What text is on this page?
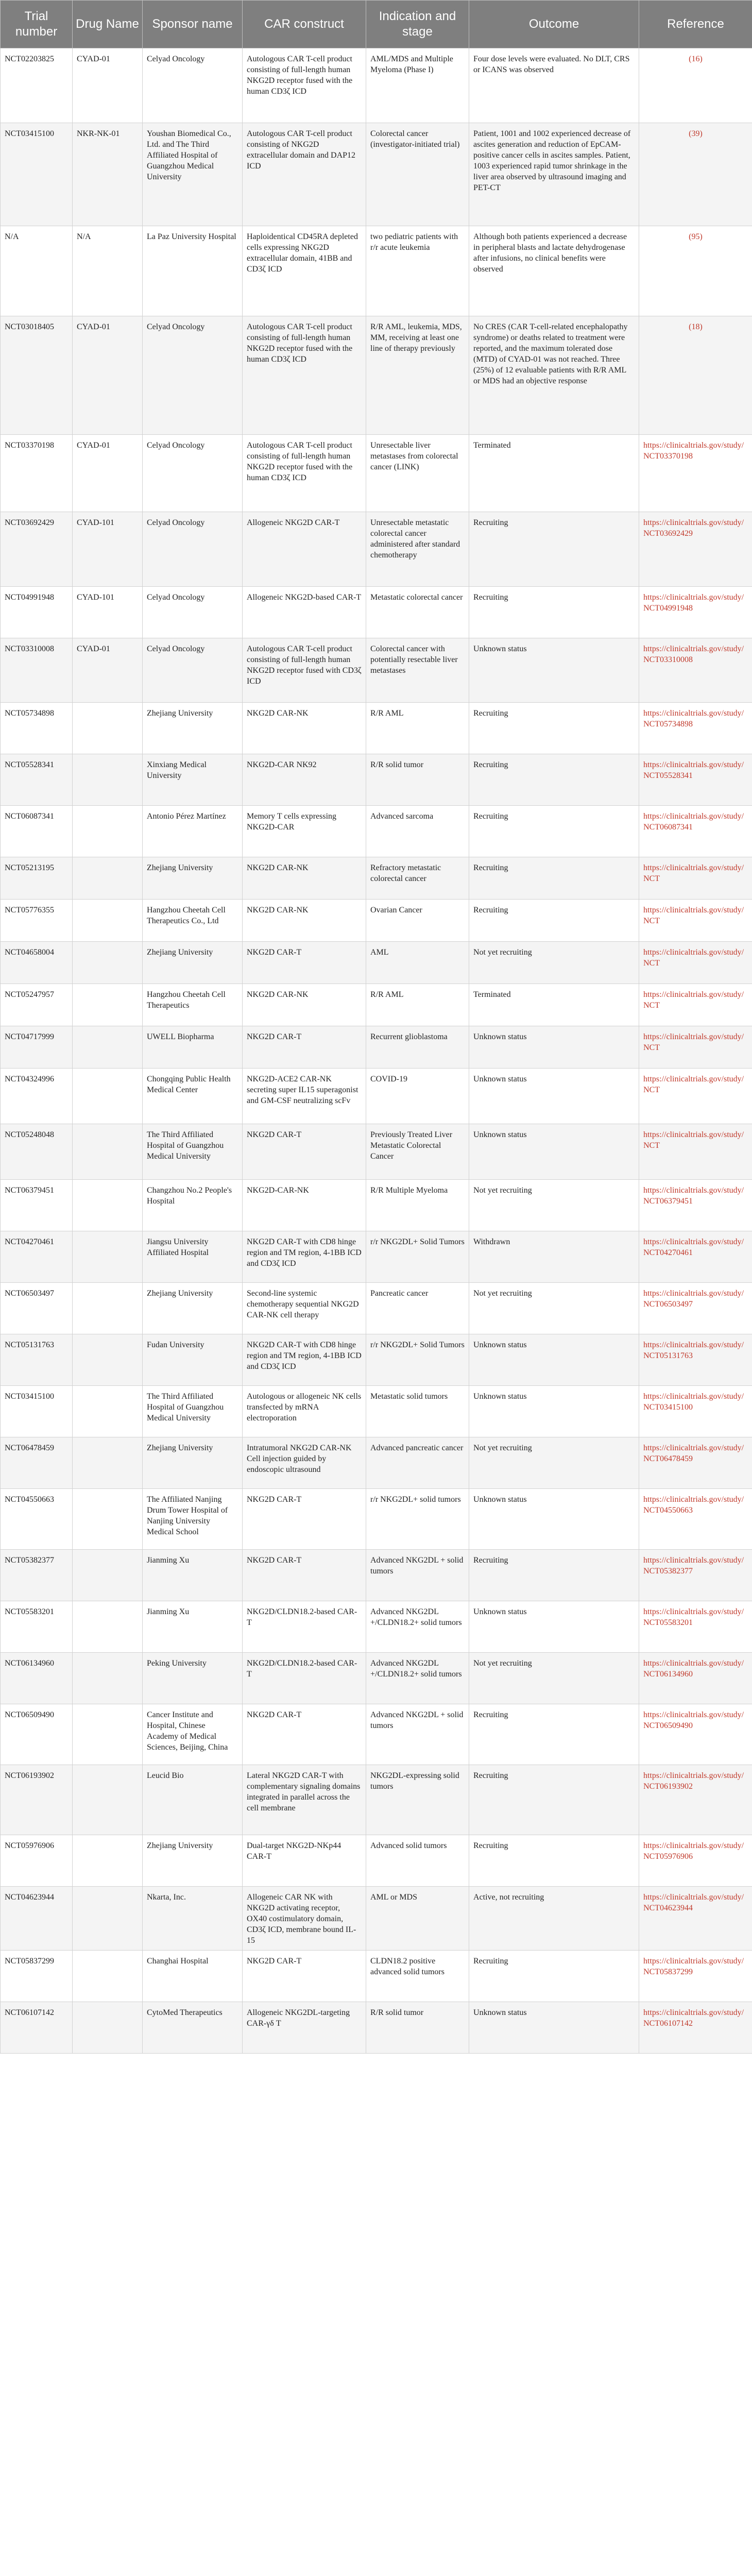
Trial number	Drug Name	Sponsor name	CAR construct	Indication and stage	Outcome	Reference
NCT02203825	CYAD-01	Celyad Oncology	Autologous CAR T-cell product consisting of full-length human NKG2D receptor fused with the human CD3ζ ICD	AML/MDS and Multiple Myeloma (Phase I)	Four dose levels were evaluated. No DLT, CRS or ICANS was observed	(16)
NCT03415100	NKR-NK-01	Youshan Biomedical Co., Ltd. and The Third Affiliated Hospital of Guangzhou Medical University	Autologous CAR T-cell product consisting of NKG2D extracellular domain and DAP12 ICD	Colorectal cancer (investigator-initiated trial)	Patient, 1001 and 1002 experienced decrease of ascites generation and reduction of EpCAM-positive cancer cells in ascites samples. Patient, 1003 experienced rapid tumor shrinkage in the liver area observed by ultrasound imaging and PET-CT	(39)
N/A	N/A	La Paz University Hospital	Haploidentical CD45RA depleted cells expressing NKG2D extracellular domain, 41BB and CD3ζ ICD	two pediatric patients with r/r acute leukemia	Although both patients experienced a decrease in peripheral blasts and lactate dehydrogenase after infusions, no clinical benefits were observed	(95)
NCT03018405	CYAD-01	Celyad Oncology	Autologous CAR T-cell product consisting of full-length human NKG2D receptor fused with the human CD3ζ ICD	R/R AML, leukemia, MDS, MM, receiving at least one line of therapy previously	No CRES (CAR T-cell-related encephalopathy syndrome) or deaths related to treatment were reported, and the maximum tolerated dose (MTD) of CYAD-01 was not reached. Three (25%) of 12 evaluable patients with R/R AML or MDS had an objective response	(18)
NCT03370198	CYAD-01	Celyad Oncology	Autologous CAR T-cell product consisting of full-length human NKG2D receptor fused with the human CD3ζ ICD	Unresectable liver metastases from colorectal cancer (LINK)	Terminated	https://clinicaltrials.gov/study/NCT03370198
NCT03692429	CYAD-101	Celyad Oncology	Allogeneic NKG2D CAR-T	Unresectable metastatic colorectal cancer administered after standard chemotherapy	Recruiting	https://clinicaltrials.gov/study/NCT03692429
NCT04991948	CYAD-101	Celyad Oncology	Allogeneic NKG2D-based CAR-T	Metastatic colorectal cancer	Recruiting	https://clinicaltrials.gov/study/NCT04991948
NCT03310008	CYAD-01	Celyad Oncology	Autologous CAR T-cell product consisting of full-length human NKG2D receptor fused with CD3ζ ICD	Colorectal cancer with potentially resectable liver metastases	Unknown status	https://clinicaltrials.gov/study/NCT03310008
NCT05734898		Zhejiang University	NKG2D CAR-NK	R/R AML	Recruiting	https://clinicaltrials.gov/study/NCT05734898
NCT05528341		Xinxiang Medical University	NKG2D-CAR NK92	R/R solid tumor	Recruiting	https://clinicaltrials.gov/study/NCT05528341
NCT06087341		Antonio Pérez Martínez	Memory T cells expressing NKG2D-CAR	Advanced sarcoma	Recruiting	https://clinicaltrials.gov/study/NCT06087341
NCT05213195		Zhejiang University	NKG2D CAR-NK	Refractory metastatic colorectal cancer	Recruiting	https://clinicaltrials.gov/study/NCT
NCT05776355		Hangzhou Cheetah Cell Therapeutics Co., Ltd	NKG2D CAR-NK	Ovarian Cancer	Recruiting	https://clinicaltrials.gov/study/NCT
NCT04658004		Zhejiang University	NKG2D CAR-T	AML	Not yet recruiting	https://clinicaltrials.gov/study/NCT
NCT05247957		Hangzhou Cheetah Cell Therapeutics	NKG2D CAR-NK	R/R AML	Terminated	https://clinicaltrials.gov/study/NCT
NCT04717999		UWELL Biopharma	NKG2D CAR-T	Recurrent glioblastoma	Unknown status	https://clinicaltrials.gov/study/NCT
NCT04324996		Chongqing Public Health Medical Center	NKG2D-ACE2 CAR-NK secreting super IL15 superagonist and GM-CSF neutralizing scFv	COVID-19	Unknown status	https://clinicaltrials.gov/study/NCT
NCT05248048		The Third Affiliated Hospital of Guangzhou Medical University	NKG2D CAR-T	Previously Treated Liver Metastatic Colorectal Cancer	Unknown status	https://clinicaltrials.gov/study/NCT
NCT06379451		Changzhou No.2 People's Hospital	NKG2D-CAR-NK	R/R Multiple Myeloma	Not yet recruiting	https://clinicaltrials.gov/study/NCT06379451
NCT04270461		Jiangsu University Affiliated Hospital	NKG2D CAR-T with CD8 hinge region and TM region, 4-1BB ICD and CD3ζ ICD	r/r NKG2DL+ Solid Tumors	Withdrawn	https://clinicaltrials.gov/study/NCT04270461
NCT06503497		Zhejiang University	Second-line systemic chemotherapy sequential NKG2D CAR-NK cell therapy	Pancreatic cancer	Not yet recruiting	https://clinicaltrials.gov/study/NCT06503497
NCT05131763		Fudan University	NKG2D CAR-T with CD8 hinge region and TM region, 4-1BB ICD and CD3ζ ICD	r/r NKG2DL+ Solid Tumors	Unknown status	https://clinicaltrials.gov/study/NCT05131763
NCT03415100		The Third Affiliated Hospital of Guangzhou Medical University	Autologous or allogeneic NK cells transfected by mRNA electroporation	Metastatic solid tumors	Unknown status	https://clinicaltrials.gov/study/NCT03415100
NCT06478459		Zhejiang University	Intratumoral NKG2D CAR-NK Cell injection guided by endoscopic ultrasound	Advanced pancreatic cancer	Not yet recruiting	https://clinicaltrials.gov/study/NCT06478459
NCT04550663		The Affiliated Nanjing Drum Tower Hospital of Nanjing University Medical School	NKG2D CAR-T	r/r NKG2DL+ solid tumors	Unknown status	https://clinicaltrials.gov/study/NCT04550663
NCT05382377		Jianming Xu	NKG2D CAR-T	Advanced NKG2DL + solid tumors	Recruiting	https://clinicaltrials.gov/study/NCT05382377
NCT05583201		Jianming Xu	NKG2D/CLDN18.2-based CAR-T	Advanced NKG2DL +/CLDN18.2+ solid tumors	Unknown status	https://clinicaltrials.gov/study/NCT05583201
NCT06134960		Peking University	NKG2D/CLDN18.2-based CAR-T	Advanced NKG2DL +/CLDN18.2+ solid tumors	Not yet recruiting	https://clinicaltrials.gov/study/NCT06134960
NCT06509490		Cancer Institute and Hospital, Chinese Academy of Medical Sciences, Beijing, China	NKG2D CAR-T	Advanced NKG2DL + solid tumors	Recruiting	https://clinicaltrials.gov/study/NCT06509490
NCT06193902		Leucid Bio	Lateral NKG2D CAR-T with complementary signaling domains integrated in parallel across the cell membrane	NKG2DL-expressing solid tumors	Recruiting	https://clinicaltrials.gov/study/NCT06193902
NCT05976906		Zhejiang University	Dual-target NKG2D-NKp44 CAR-T	Advanced solid tumors	Recruiting	https://clinicaltrials.gov/study/NCT05976906
NCT04623944		Nkarta, Inc.	Allogeneic CAR NK with NKG2D activating receptor, OX40 costimulatory domain, CD3ζ ICD, membrane bound IL-15	AML or MDS	Active, not recruiting	https://clinicaltrials.gov/study/NCT04623944
NCT05837299		Changhai Hospital	NKG2D CAR-T	CLDN18.2 positive advanced solid tumors	Recruiting	https://clinicaltrials.gov/study/NCT05837299
NCT06107142		CytoMed Therapeutics	Allogeneic NKG2DL-targeting CAR-γδ T	R/R solid tumor	Unknown status	https://clinicaltrials.gov/study/NCT06107142
